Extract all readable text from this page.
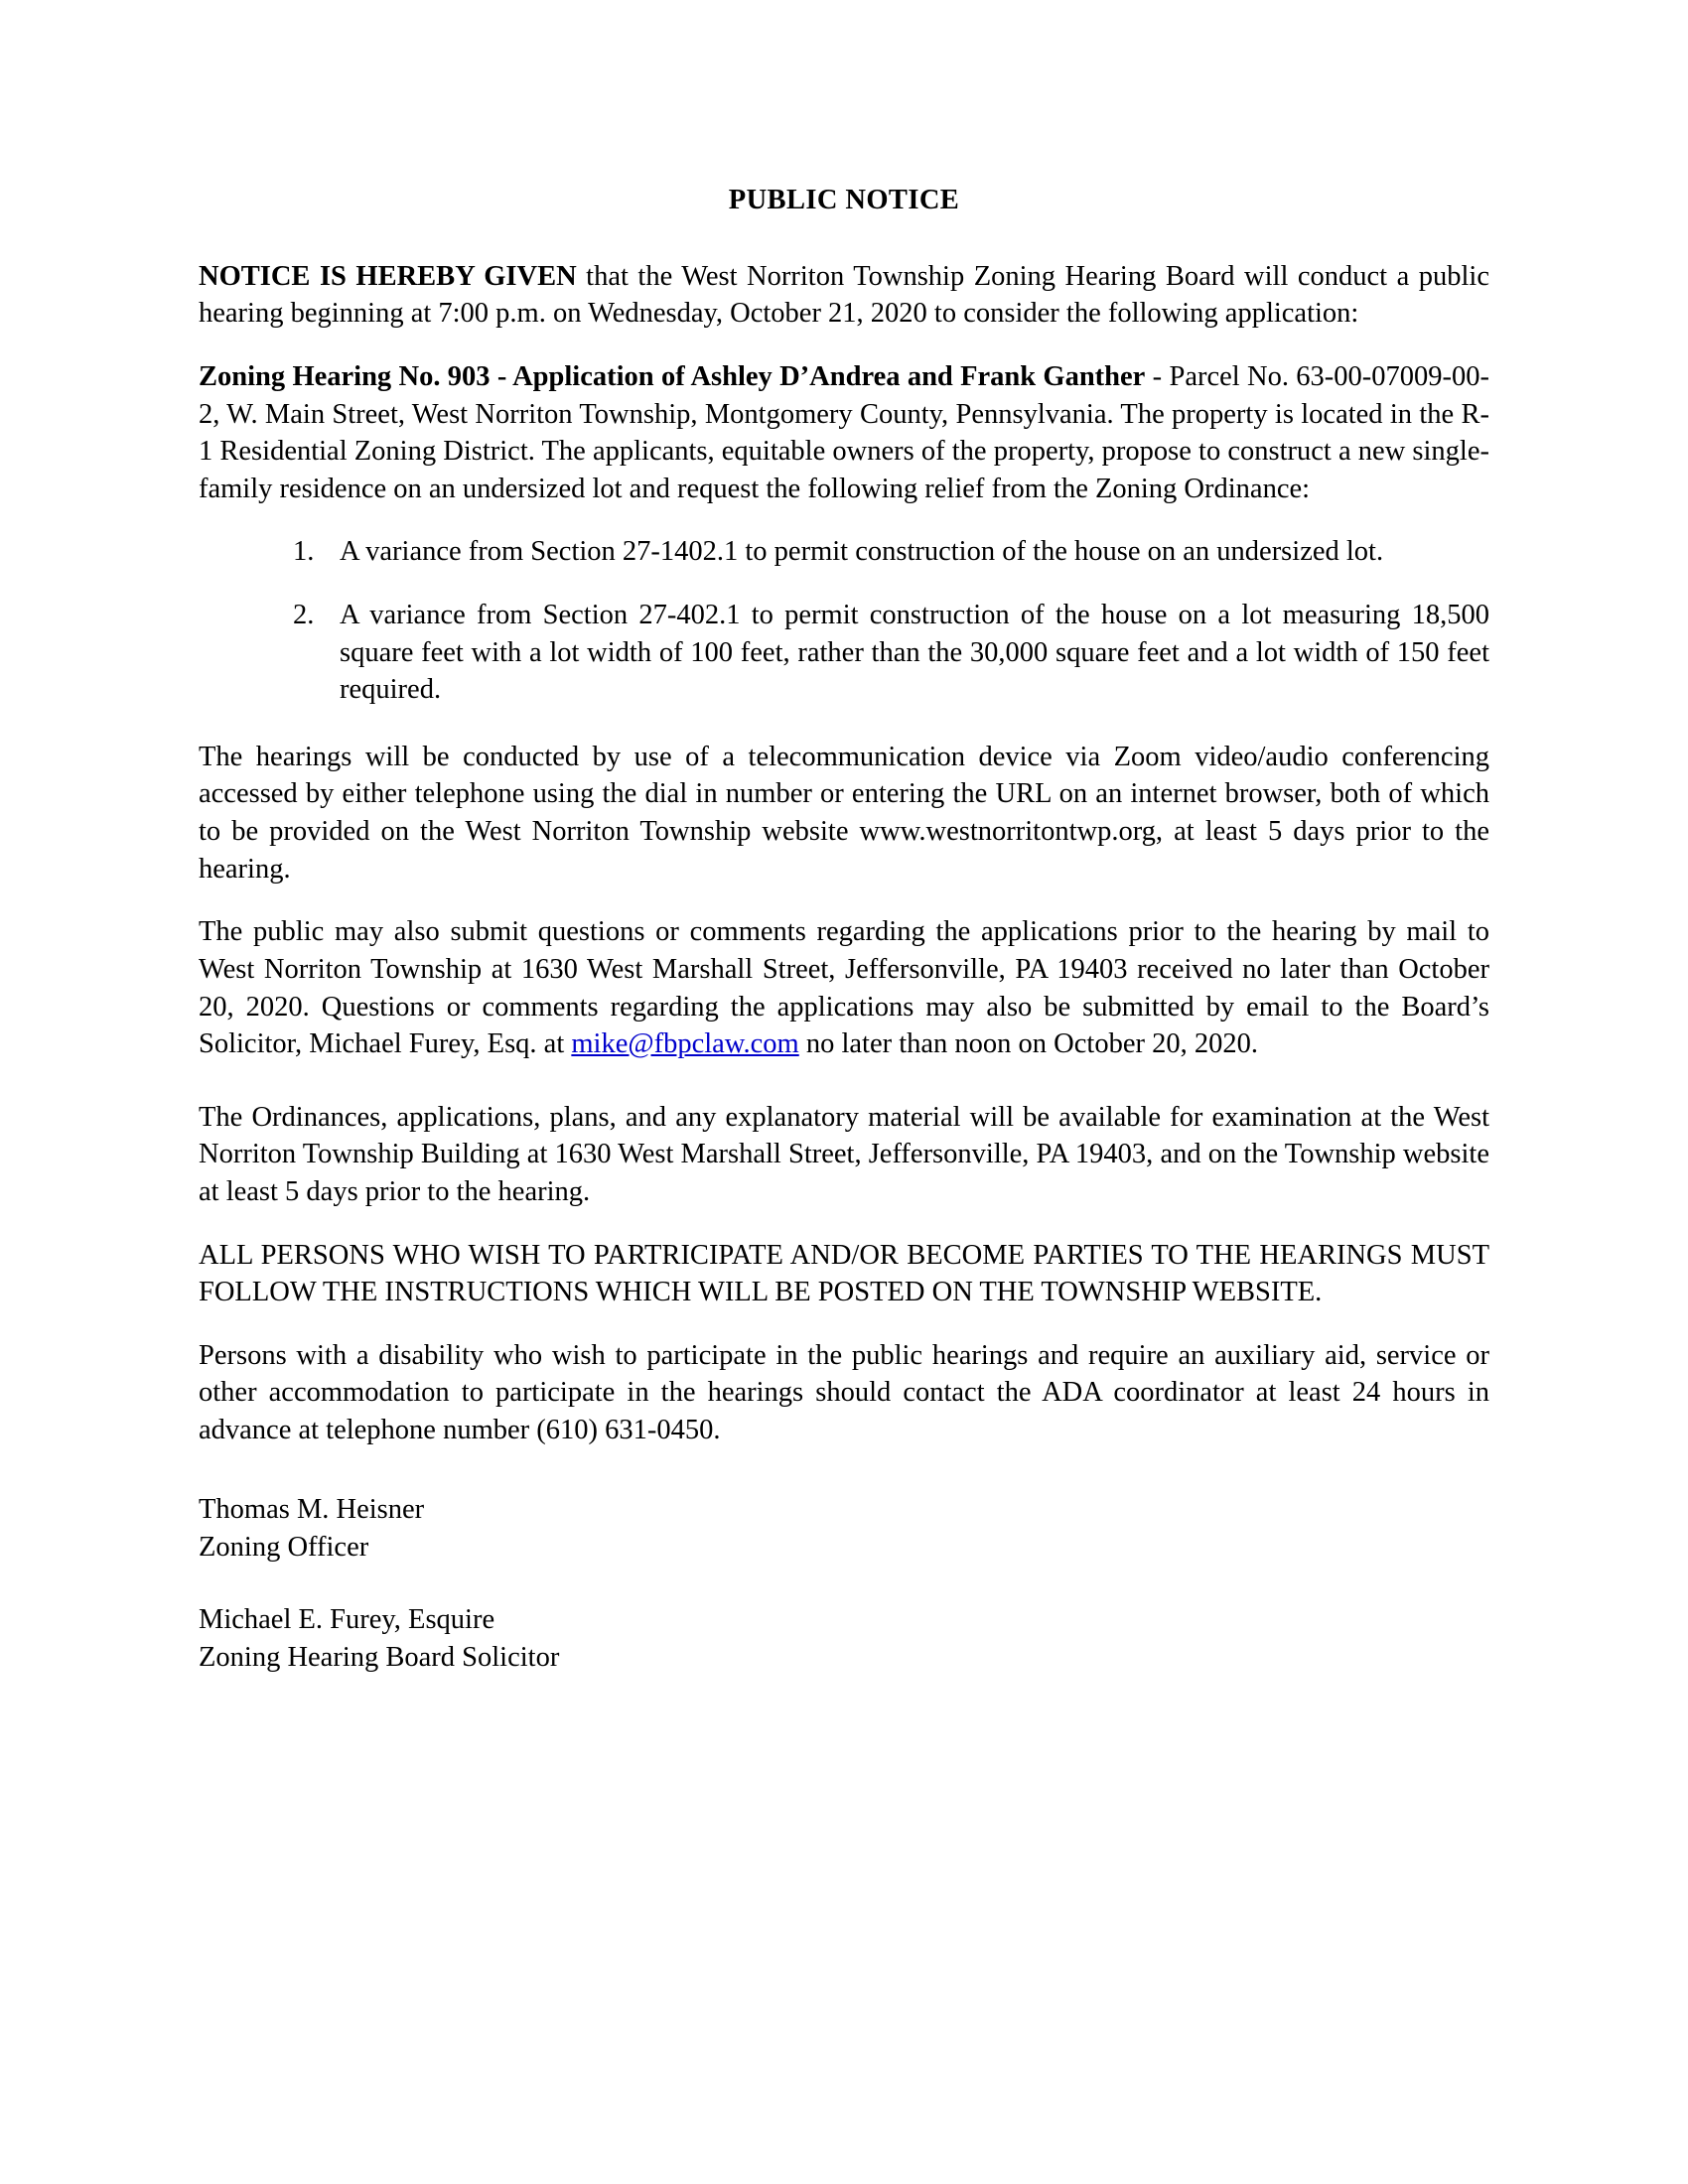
PUBLIC NOTICE

NOTICE IS HEREBY GIVEN that the West Norriton Township Zoning Hearing Board will conduct a public hearing beginning at 7:00 p.m. on Wednesday, October 21, 2020 to consider the following application:

Zoning Hearing No. 903 - Application of Ashley D’Andrea and Frank Ganther - Parcel No. 63-00-07009-00-2, W. Main Street, West Norriton Township, Montgomery County, Pennsylvania. The property is located in the R-1 Residential Zoning District. The applicants, equitable owners of the property, propose to construct a new single-family residence on an undersized lot and request the following relief from the Zoning Ordinance:

A variance from Section 27-1402.1 to permit construction of the house on an undersized lot.
A variance from Section 27-402.1 to permit construction of the house on a lot measuring 18,500 square feet with a lot width of 100 feet, rather than the 30,000 square feet and a lot width of 150 feet required.

The hearings will be conducted by use of a telecommunication device via Zoom video/audio conferencing accessed by either telephone using the dial in number or entering the URL on an internet browser, both of which to be provided on the West Norriton Township website www.westnorritontwp.org, at least 5 days prior to the hearing.

The public may also submit questions or comments regarding the applications prior to the hearing by mail to West Norriton Township at 1630 West Marshall Street, Jeffersonville, PA 19403 received no later than October 20, 2020. Questions or comments regarding the applications may also be submitted by email to the Board’s Solicitor, Michael Furey, Esq. at mike@fbpclaw.com no later than noon on October 20, 2020.

The Ordinances, applications, plans, and any explanatory material will be available for examination at the West Norriton Township Building at 1630 West Marshall Street, Jeffersonville, PA 19403, and on the Township website at least 5 days prior to the hearing.

ALL PERSONS WHO WISH TO PARTRICIPATE AND/OR BECOME PARTIES TO THE HEARINGS MUST FOLLOW THE INSTRUCTIONS WHICH WILL BE POSTED ON THE TOWNSHIP WEBSITE.

Persons with a disability who wish to participate in the public hearings and require an auxiliary aid, service or other accommodation to participate in the hearings should contact the ADA coordinator at least 24 hours in advance at telephone number (610) 631-0450.

Thomas M. Heisner
Zoning Officer
Michael E. Furey, Esquire
Zoning Hearing Board Solicitor
